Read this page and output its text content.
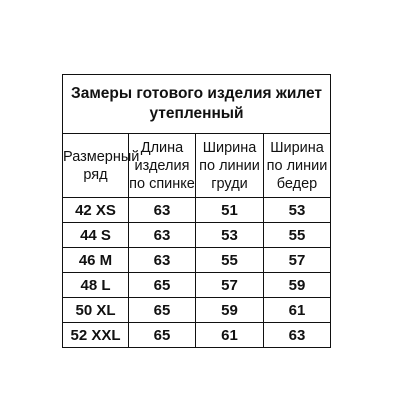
Замеры готового изделия жилет утепленный			
Размерный ряд	Длина изделия по спинке	Ширина по линии груди	Ширина по линии бедер
42 XS	63	51	53
44 S	63	53	55
46 M	63	55	57
48 L	65	57	59
50 XL	65	59	61
52 XXL	65	61	63
